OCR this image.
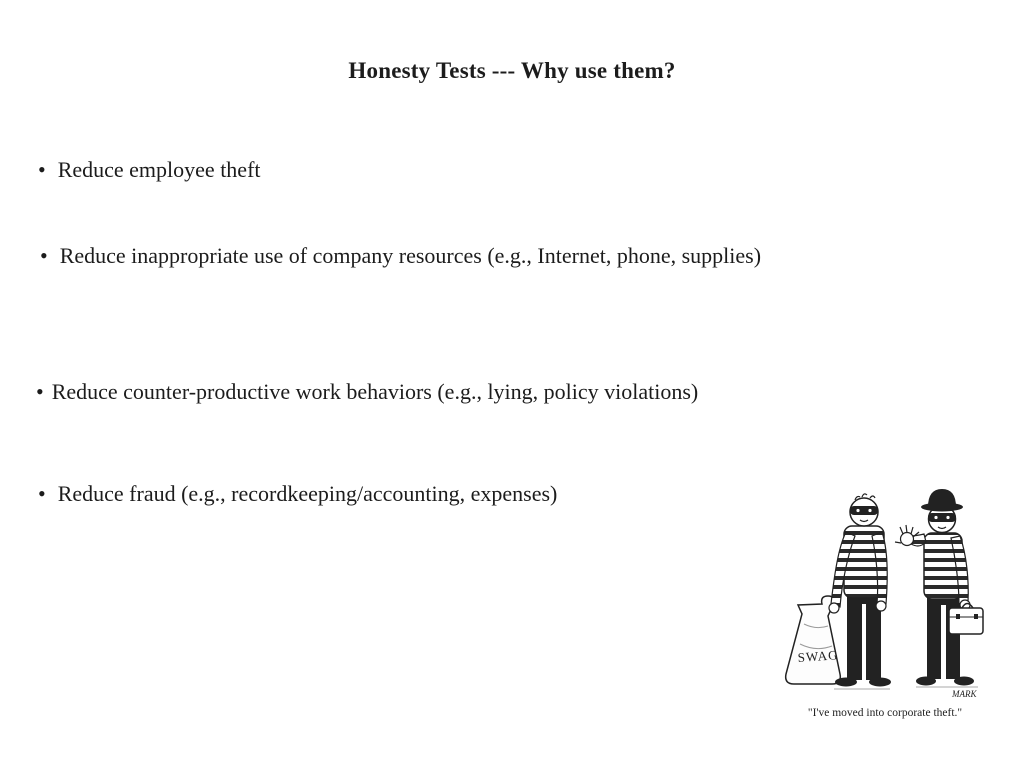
Honesty Tests --- Why use them?
• Reduce employee theft
• Reduce inappropriate use of company resources (e.g., Internet, phone, supplies)
• Reduce counter-productive work behaviors (e.g., lying, policy violations)
• Reduce fraud (e.g., recordkeeping/accounting, expenses)
SWAG
MARK
"I've moved into corporate theft."
